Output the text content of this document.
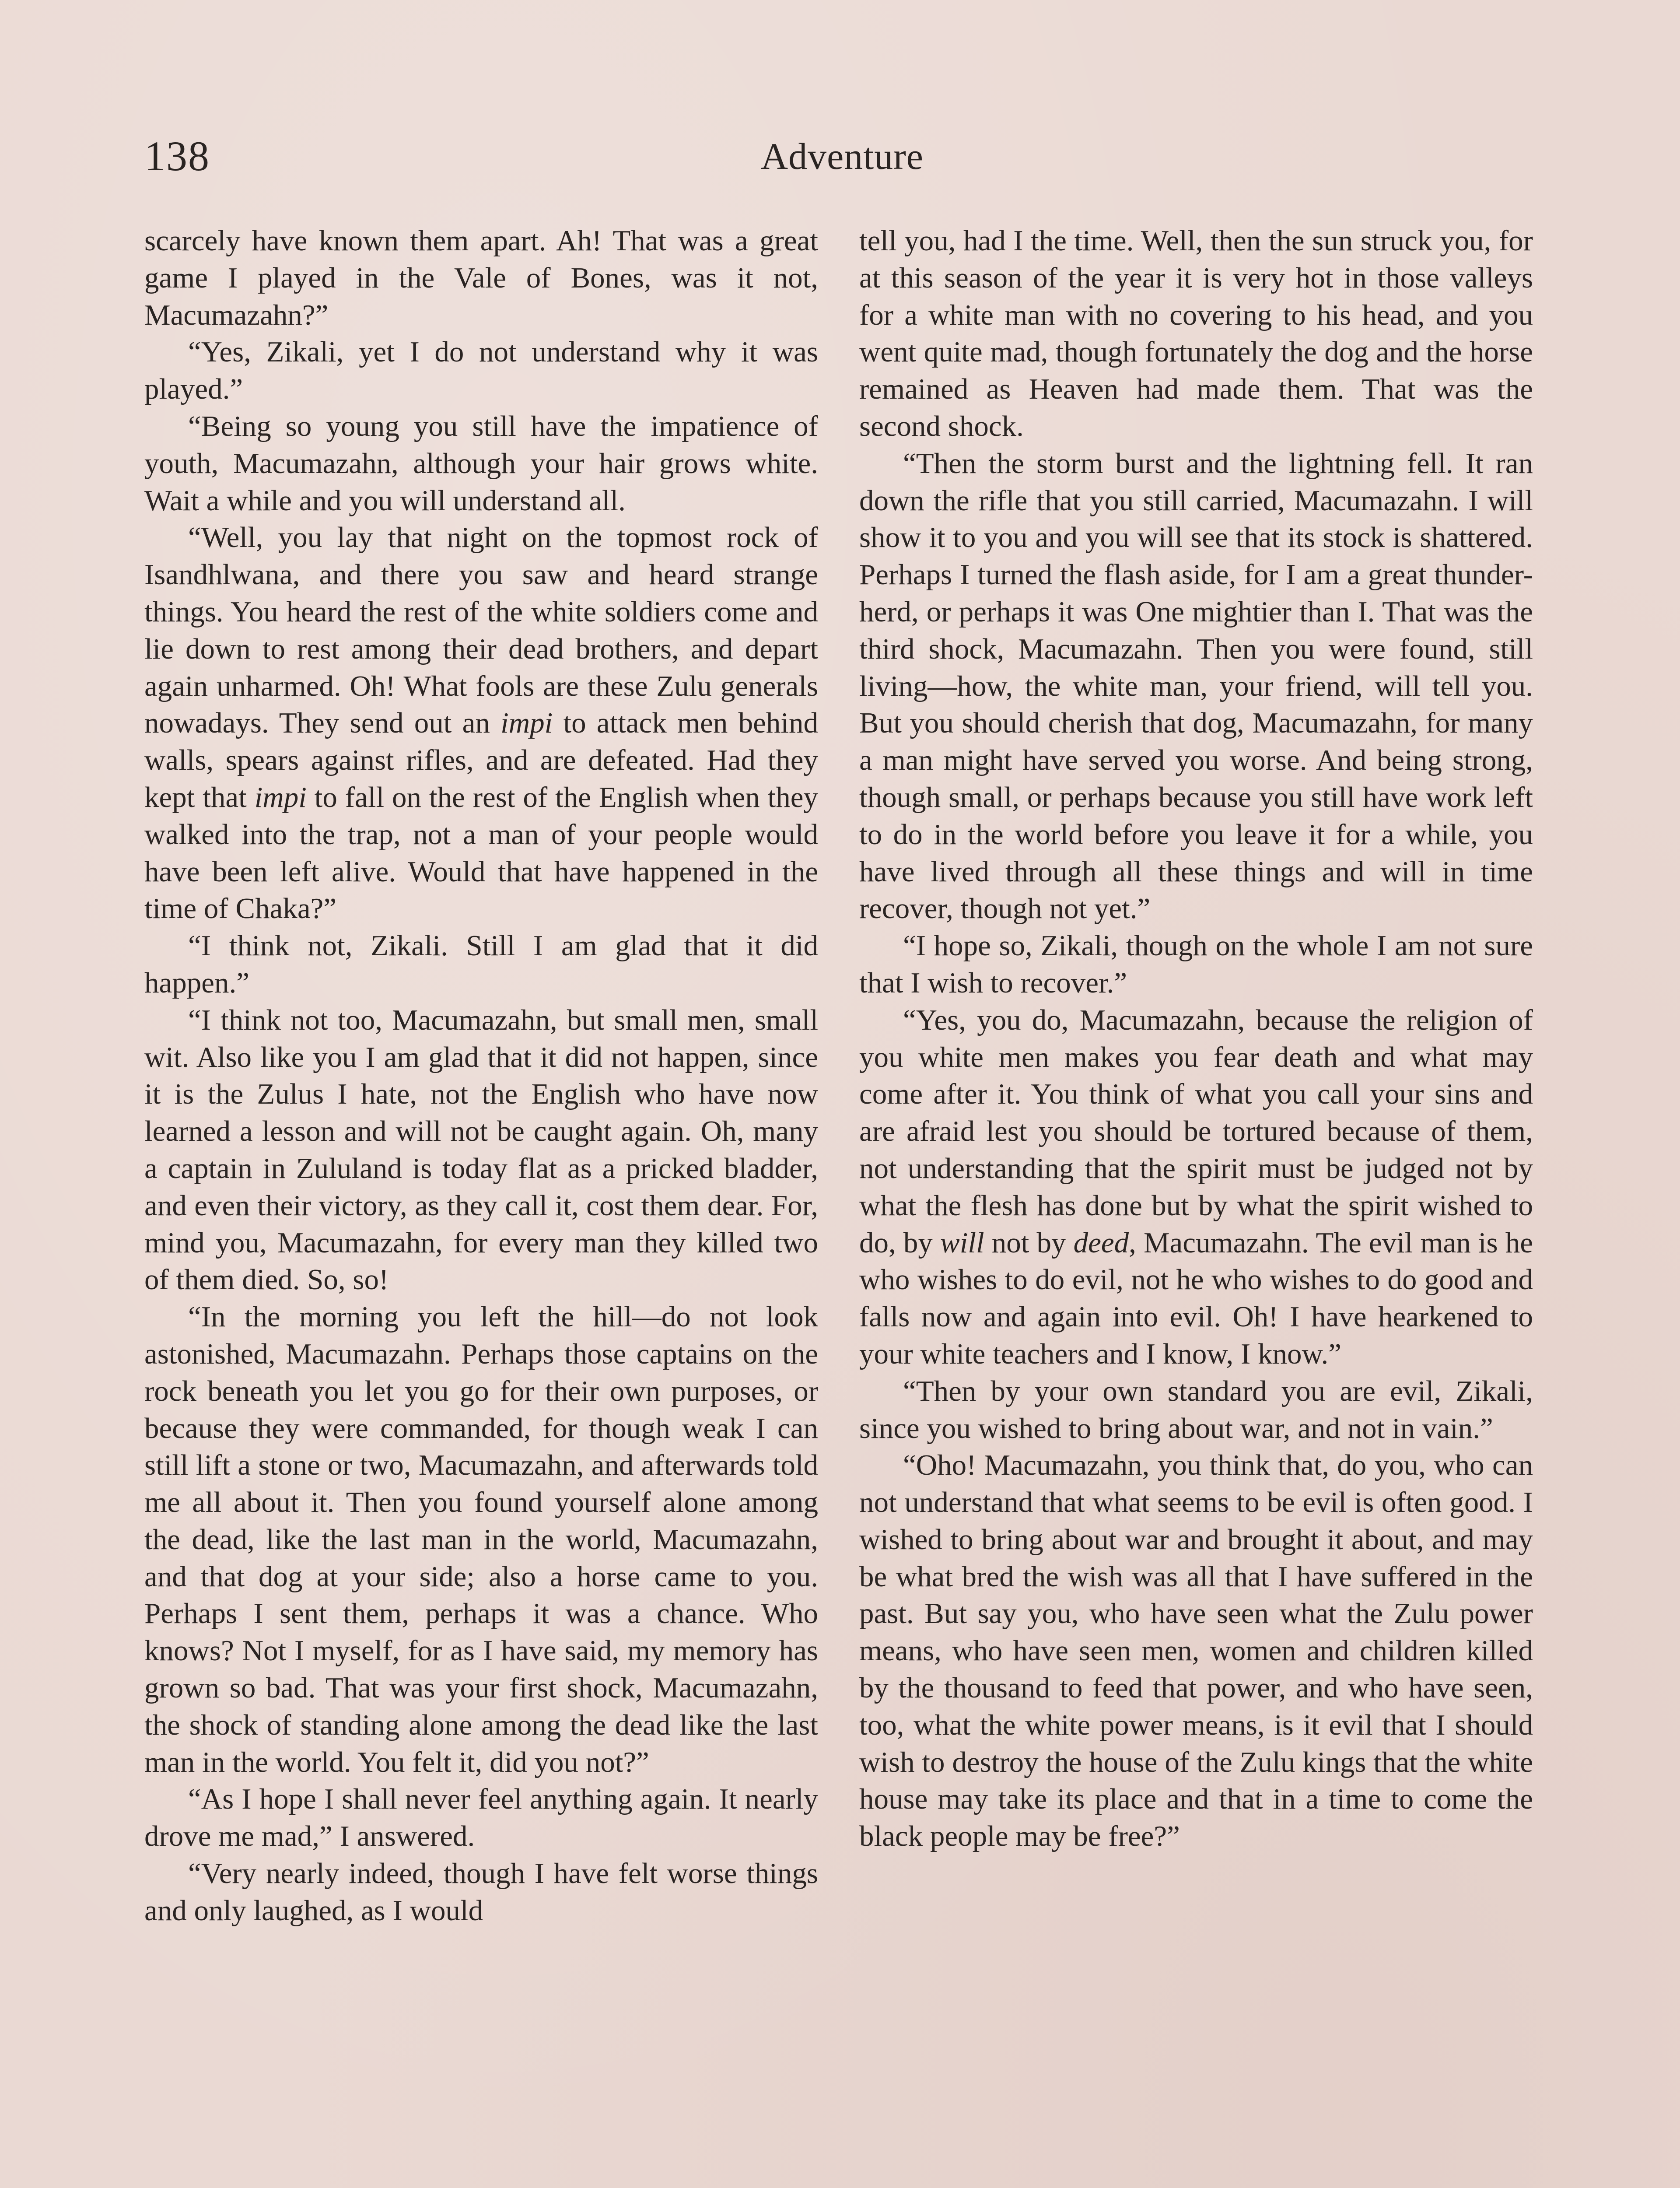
138	Adventure

scarcely have known them apart. Ah! That was a great game I played in the Vale of Bones, was it not, Macumazahn?”

“Yes, Zikali, yet I do not understand why it was played.”

“Being so young you still have the impatience of youth, Macumazahn, although your hair grows white. Wait a while and you will understand all.

“Well, you lay that night on the topmost rock of Isandhlwana, and there you saw and heard strange things. You heard the rest of the white soldiers come and lie down to rest among their dead brothers, and depart again unharmed. Oh! What fools are these Zulu generals nowadays. They send out an impi to attack men behind walls, spears against rifles, and are defeated. Had they kept that impi to fall on the rest of the English when they walked into the trap, not a man of your people would have been left alive. Would that have happened in the time of Chaka?”

“I think not, Zikali. Still I am glad that it did happen.”

“I think not too, Macumazahn, but small men, small wit. Also like you I am glad that it did not happen, since it is the Zulus I hate, not the English who have now learned a lesson and will not be caught again. Oh, many a captain in Zululand is today flat as a pricked bladder, and even their victory, as they call it, cost them dear. For, mind you, Macumazahn, for every man they killed two of them died. So, so!

“In the morning you left the hill—do not look astonished, Macumazahn. Perhaps those captains on the rock beneath you let you go for their own purposes, or because they were commanded, for though weak I can still lift a stone or two, Macumazahn, and afterwards told me all about it. Then you found yourself alone among the dead, like the last man in the world, Macumazahn, and that dog at your side; also a horse came to you. Perhaps I sent them, perhaps it was a chance. Who knows? Not I myself, for as I have said, my memory has grown so bad. That was your first shock, Macumazahn, the shock of standing alone among the dead like the last man in the world. You felt it, did you not?”

“As I hope I shall never feel anything again. It nearly drove me mad,” I answered.

“Very nearly indeed, though I have felt worse things and only laughed, as I would

tell you, had I the time. Well, then the sun struck you, for at this season of the year it is very hot in those valleys for a white man with no covering to his head, and you went quite mad, though fortunately the dog and the horse remained as Heaven had made them. That was the second shock.

“Then the storm burst and the lightning fell. It ran down the rifle that you still carried, Macumazahn. I will show it to you and you will see that its stock is shattered. Perhaps I turned the flash aside, for I am a great thunder-herd, or perhaps it was One mightier than I. That was the third shock, Macumazahn. Then you were found, still living—how, the white man, your friend, will tell you. But you should cherish that dog, Macumazahn, for many a man might have served you worse. And being strong, though small, or perhaps because you still have work left to do in the world before you leave it for a while, you have lived through all these things and will in time recover, though not yet.”

“I hope so, Zikali, though on the whole I am not sure that I wish to recover.”

“Yes, you do, Macumazahn, because the religion of you white men makes you fear death and what may come after it. You think of what you call your sins and are afraid lest you should be tortured because of them, not understanding that the spirit must be judged not by what the flesh has done but by what the spirit wished to do, by will not by deed, Macumazahn. The evil man is he who wishes to do evil, not he who wishes to do good and falls now and again into evil. Oh! I have hearkened to your white teachers and I know, I know.”

“Then by your own standard you are evil, Zikali, since you wished to bring about war, and not in vain.”

“Oho! Macumazahn, you think that, do you, who can not understand that what seems to be evil is often good. I wished to bring about war and brought it about, and may be what bred the wish was all that I have suffered in the past. But say you, who have seen what the Zulu power means, who have seen men, women and children killed by the thousand to feed that power, and who have seen, too, what the white power means, is it evil that I should wish to destroy the house of the Zulu kings that the white house may take its place and that in a time to come the black people may be free?”
